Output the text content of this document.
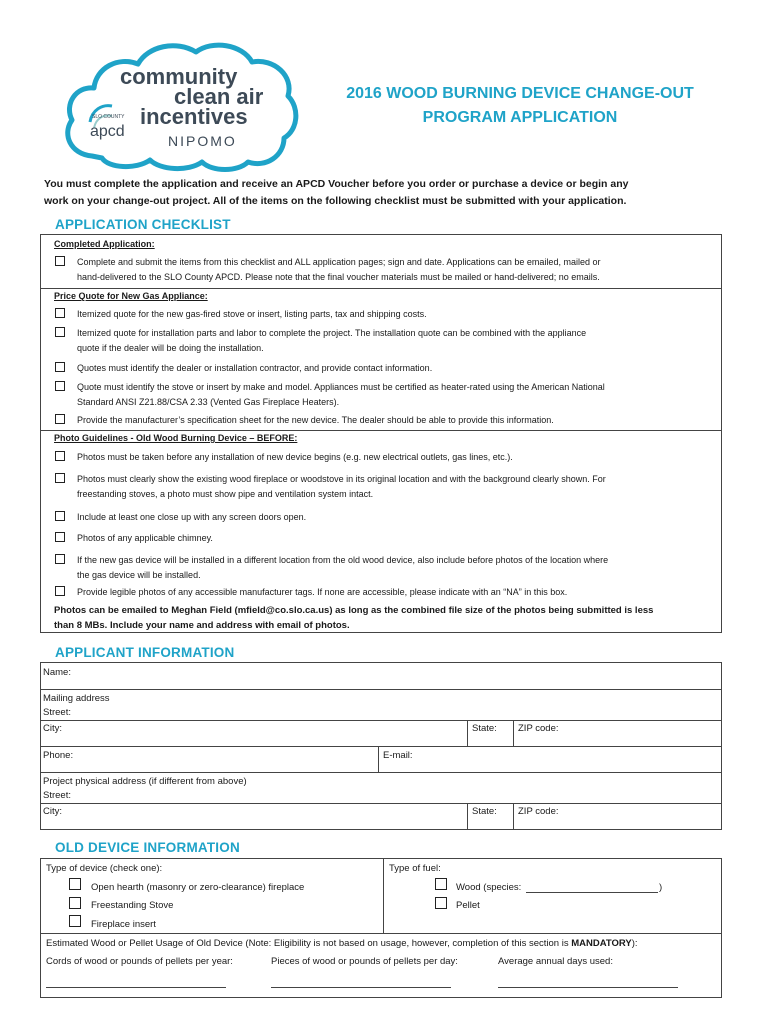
community
clean air
incentives
SLO COUNTY
apcd
NIPOMO
2016 WOOD BURNING DEVICE CHANGE-OUT
PROGRAM APPLICATION
You must complete the application and receive an APCD Voucher before you order or purchase a device or begin any
work on your change-out project. All of the items on the following checklist must be submitted with your application.
APPLICATION CHECKLIST
Completed Application:
Complete and submit the items from this checklist and ALL application pages; sign and date. Applications can be emailed, mailed or
hand-delivered to the SLO County APCD. Please note that the final voucher materials must be mailed or hand-delivered; no emails.
Price Quote for New Gas Appliance:
Itemized quote for the new gas-fired stove or insert, listing parts, tax and shipping costs.
Itemized quote for installation parts and labor to complete the project. The installation quote can be combined with the appliance
quote if the dealer will be doing the installation.
Quotes must identify the dealer or installation contractor, and provide contact information.
Quote must identify the stove or insert by make and model. Appliances must be certified as heater-rated using the American National
Standard ANSI Z21.88/CSA 2.33 (Vented Gas Fireplace Heaters).
Provide the manufacturer’s specification sheet for the new device. The dealer should be able to provide this information.
Photo Guidelines - Old Wood Burning Device – BEFORE:
Photos must be taken before any installation of new device begins (e.g. new electrical outlets, gas lines, etc.).
Photos must clearly show the existing wood fireplace or woodstove in its original location and with the background clearly shown. For
freestanding stoves, a photo must show pipe and ventilation system intact.
Include at least one close up with any screen doors open.
Photos of any applicable chimney.
If the new gas device will be installed in a different location from the old wood device, also include before photos of the location where
the gas device will be installed.
Provide legible photos of any accessible manufacturer tags. If none are accessible, please indicate with an “NA” in this box.
Photos can be emailed to Meghan Field (mfield@co.slo.ca.us) as long as the combined file size of the photos being submitted is less
than 8 MBs. Include your name and address with email of photos.
APPLICANT INFORMATION
Name:
Mailing address
Street:
City:	State: ZIP code:
Phone:	E-mail:
Project physical address (if different from above)
Street:
City:	State: ZIP code:
OLD DEVICE INFORMATION
Type of device (check one):	Type of fuel:
Open hearth (masonry or zero-clearance) fireplace
Freestanding Stove
Fireplace insert
Wood (species:	)
Pellet
Estimated Wood or Pellet Usage of Old Device (Note: Eligibility is not based on usage, however, completion of this section is MANDATORY):
Cords of wood or pounds of pellets per year:	Pieces of wood or pounds of pellets per day:	Average annual days used:
